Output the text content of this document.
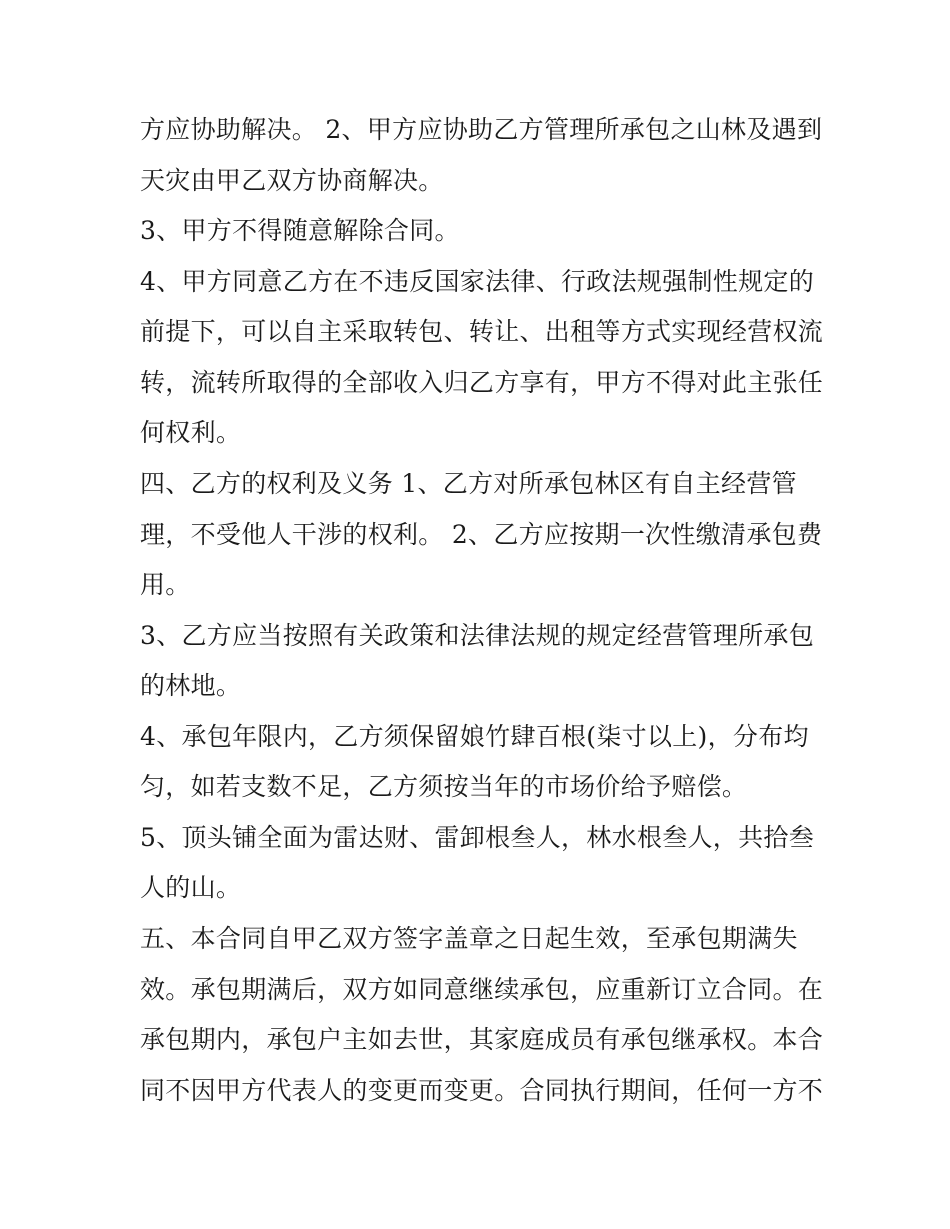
方应协助解决。 2、甲方应协助乙方管理所承包之山林及遇到
天灾由甲乙双方协商解决。
3、甲方不得随意解除合同。
4、甲方同意乙方在不违反国家法律、行政法规强制性规定的
前提下，可以自主采取转包、转让、出租等方式实现经营权流
转，流转所取得的全部收入归乙方享有，甲方不得对此主张任
何权利。
四、乙方的权利及义务 1、乙方对所承包林区有自主经营管
理，不受他人干涉的权利。 2、乙方应按期一次性缴清承包费
用。
3、乙方应当按照有关政策和法律法规的规定经营管理所承包
的林地。
4、承包年限内，乙方须保留娘竹肆百根(柒寸以上)，分布均
匀，如若支数不足，乙方须按当年的市场价给予赔偿。
5、顶头铺全面为雷达财、雷卸根叁人，林水根叁人，共拾叁
人的山。
五、本合同自甲乙双方签字盖章之日起生效，至承包期满失
效。承包期满后，双方如同意继续承包，应重新订立合同。在
承包期内，承包户主如去世，其家庭成员有承包继承权。本合
同不因甲方代表人的变更而变更。合同执行期间，任何一方不
